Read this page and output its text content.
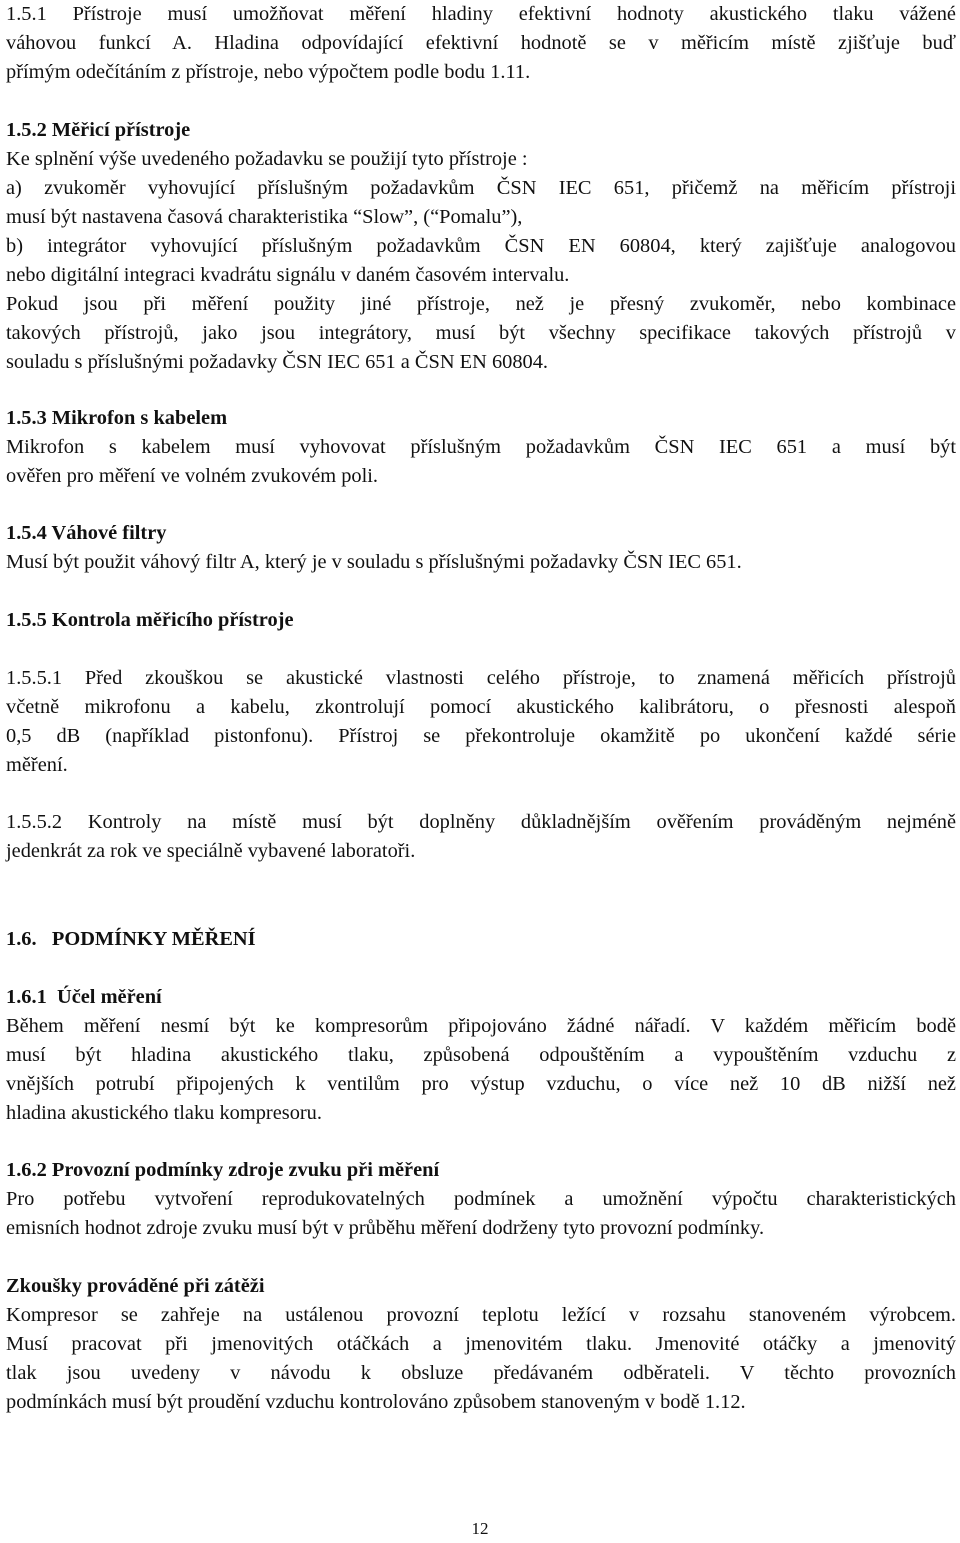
1.5.1 Přístroje musí umožňovat měření hladiny efektivní hodnoty akustického tlaku vážené
váhovou funkcí A. Hladina odpovídající efektivní hodnotě se v měřicím místě zjišťuje buď
přímým odečítáním z přístroje, nebo výpočtem podle bodu 1.11.
1.5.2 Měřicí přístroje
Ke splnění výše uvedeného požadavku se použijí tyto přístroje :
a) zvukoměr vyhovující příslušným požadavkům ČSN IEC 651, přičemž na měřicím přístroji
musí být nastavena časová charakteristika “Slow”, (“Pomalu”),
b) integrátor vyhovující příslušným požadavkům ČSN EN 60804, který zajišťuje analogovou
nebo digitální integraci kvadrátu signálu v daném časovém intervalu.
Pokud jsou při měření použity jiné přístroje, než je přesný zvukoměr, nebo kombinace
takových přístrojů, jako jsou integrátory, musí být všechny specifikace takových přístrojů v
souladu s příslušnými požadavky ČSN IEC 651 a ČSN EN 60804.
1.5.3 Mikrofon s kabelem
Mikrofon s kabelem musí vyhovovat příslušným požadavkům ČSN IEC 651 a musí být
ověřen pro měření ve volném zvukovém poli.
1.5.4 Váhové filtry
Musí být použit váhový filtr A, který je v souladu s příslušnými požadavky ČSN IEC 651.
1.5.5 Kontrola měřicího přístroje
1.5.5.1 Před zkouškou se akustické vlastnosti celého přístroje, to znamená měřicích přístrojů
včetně mikrofonu a kabelu, zkontrolují pomocí akustického kalibrátoru, o přesnosti alespoň
0,5 dB (například pistonfonu). Přístroj se překontroluje okamžitě po ukončení každé série
měření.
1.5.5.2 Kontroly na místě musí být doplněny důkladnějším ověřením prováděným nejméně
jedenkrát za rok ve speciálně vybavené laboratoři.
1.6.   PODMÍNKY MĚŘENÍ
1.6.1  Účel měření
Během měření nesmí být ke kompresorům připojováno žádné nářadí. V každém měřicím bodě
musí být hladina akustického tlaku, způsobená odpouštěním a vypouštěním vzduchu z
vnějších potrubí připojených k ventilům pro výstup vzduchu, o více než 10 dB nižší než
hladina akustického tlaku kompresoru.
1.6.2 Provozní podmínky zdroje zvuku při měření
Pro potřebu vytvoření reprodukovatelných podmínek a umožnění výpočtu charakteristických
emisních hodnot zdroje zvuku musí být v průběhu měření dodrženy tyto provozní podmínky.
Zkoušky prováděné při zátěži
Kompresor se zahřeje na ustálenou provozní teplotu ležící v rozsahu stanoveném výrobcem.
Musí pracovat při jmenovitých otáčkách a jmenovitém tlaku. Jmenovité otáčky a jmenovitý
tlak jsou uvedeny v návodu k obsluze předávaném odběrateli. V těchto provozních
podmínkách musí být proudění vzduchu kontrolováno způsobem stanoveným v bodě 1.12.
12
